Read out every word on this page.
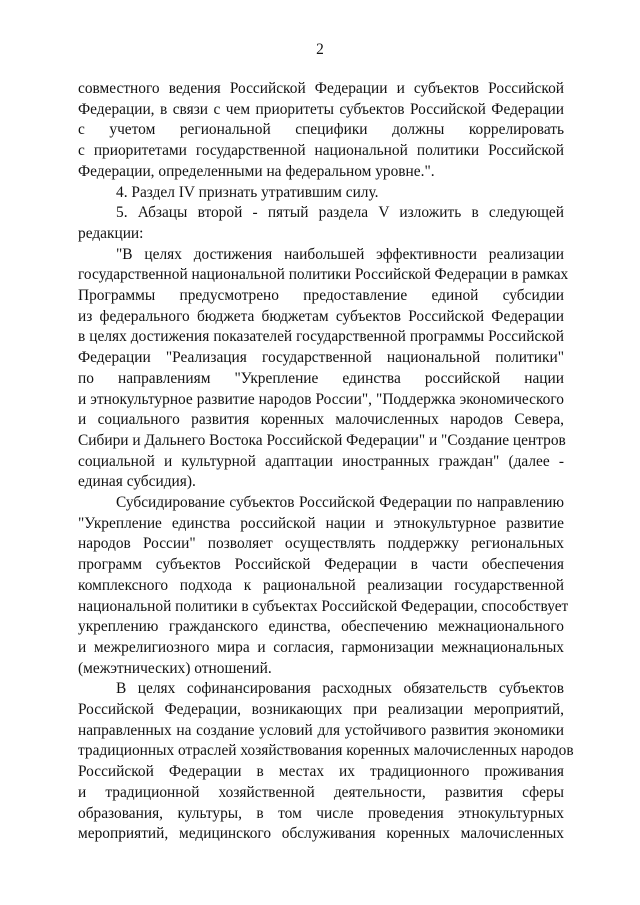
2
совместного ведения Российской Федерации и субъектов Российской
Федерации, в связи с чем приоритеты субъектов Российской Федерации
с учетом региональной специфики должны коррелировать
с приоритетами государственной национальной политики Российской
Федерации, определенными на федеральном уровне.".
4. Раздел IV признать утратившим силу.
5. Абзацы второй - пятый раздела V изложить в следующей
редакции:
"В целях достижения наибольшей эффективности реализации
государственной национальной политики Российской Федерации в рамках
Программы предусмотрено предоставление единой субсидии
из федерального бюджета бюджетам субъектов Российской Федерации
в целях достижения показателей государственной программы Российской
Федерации "Реализация государственной национальной политики"
по направлениям "Укрепление единства российской нации
и этнокультурное развитие народов России", "Поддержка экономического
и социального развития коренных малочисленных народов Севера,
Сибири и Дальнего Востока Российской Федерации" и "Создание центров
социальной и культурной адаптации иностранных граждан" (далее -
единая субсидия).
Субсидирование субъектов Российской Федерации по направлению
"Укрепление единства российской нации и этнокультурное развитие
народов России" позволяет осуществлять поддержку региональных
программ субъектов Российской Федерации в части обеспечения
комплексного подхода к рациональной реализации государственной
национальной политики в субъектах Российской Федерации, способствует
укреплению гражданского единства, обеспечению межнационального
и межрелигиозного мира и согласия, гармонизации межнациональных
(межэтнических) отношений.
В целях софинансирования расходных обязательств субъектов
Российской Федерации, возникающих при реализации мероприятий,
направленных на создание условий для устойчивого развития экономики
традиционных отраслей хозяйствования коренных малочисленных народов
Российской Федерации в местах их традиционного проживания
и традиционной хозяйственной деятельности, развития сферы
образования, культуры, в том числе проведения этнокультурных
мероприятий, медицинского обслуживания коренных малочисленных
